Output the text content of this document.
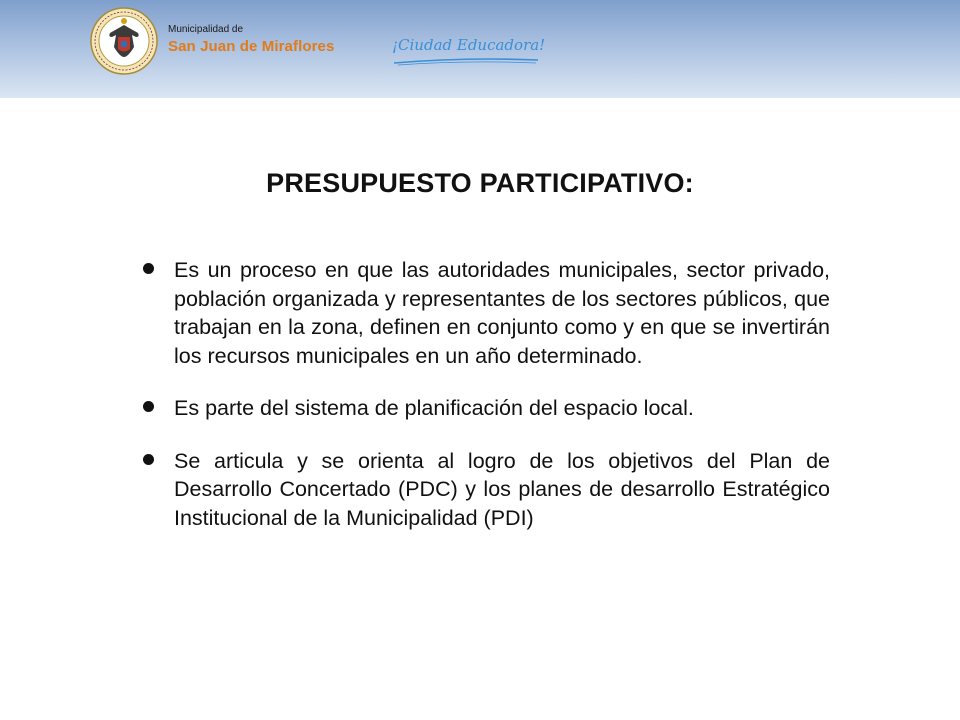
Municipalidad de
San Juan de Miraflores	¡Ciudad Educadora!
PRESUPUESTO PARTICIPATIVO:
Es un proceso en que las autoridades municipales, sector privado, población organizada y representantes de los sectores públicos, que trabajan en la zona, definen en conjunto como y en que se invertirán los recursos municipales en un año determinado.
Es parte del sistema de planificación del espacio local.
Se articula y se orienta al logro de los objetivos del Plan de Desarrollo Concertado (PDC) y los planes de desarrollo Estratégico Institucional de la Municipalidad (PDI)
